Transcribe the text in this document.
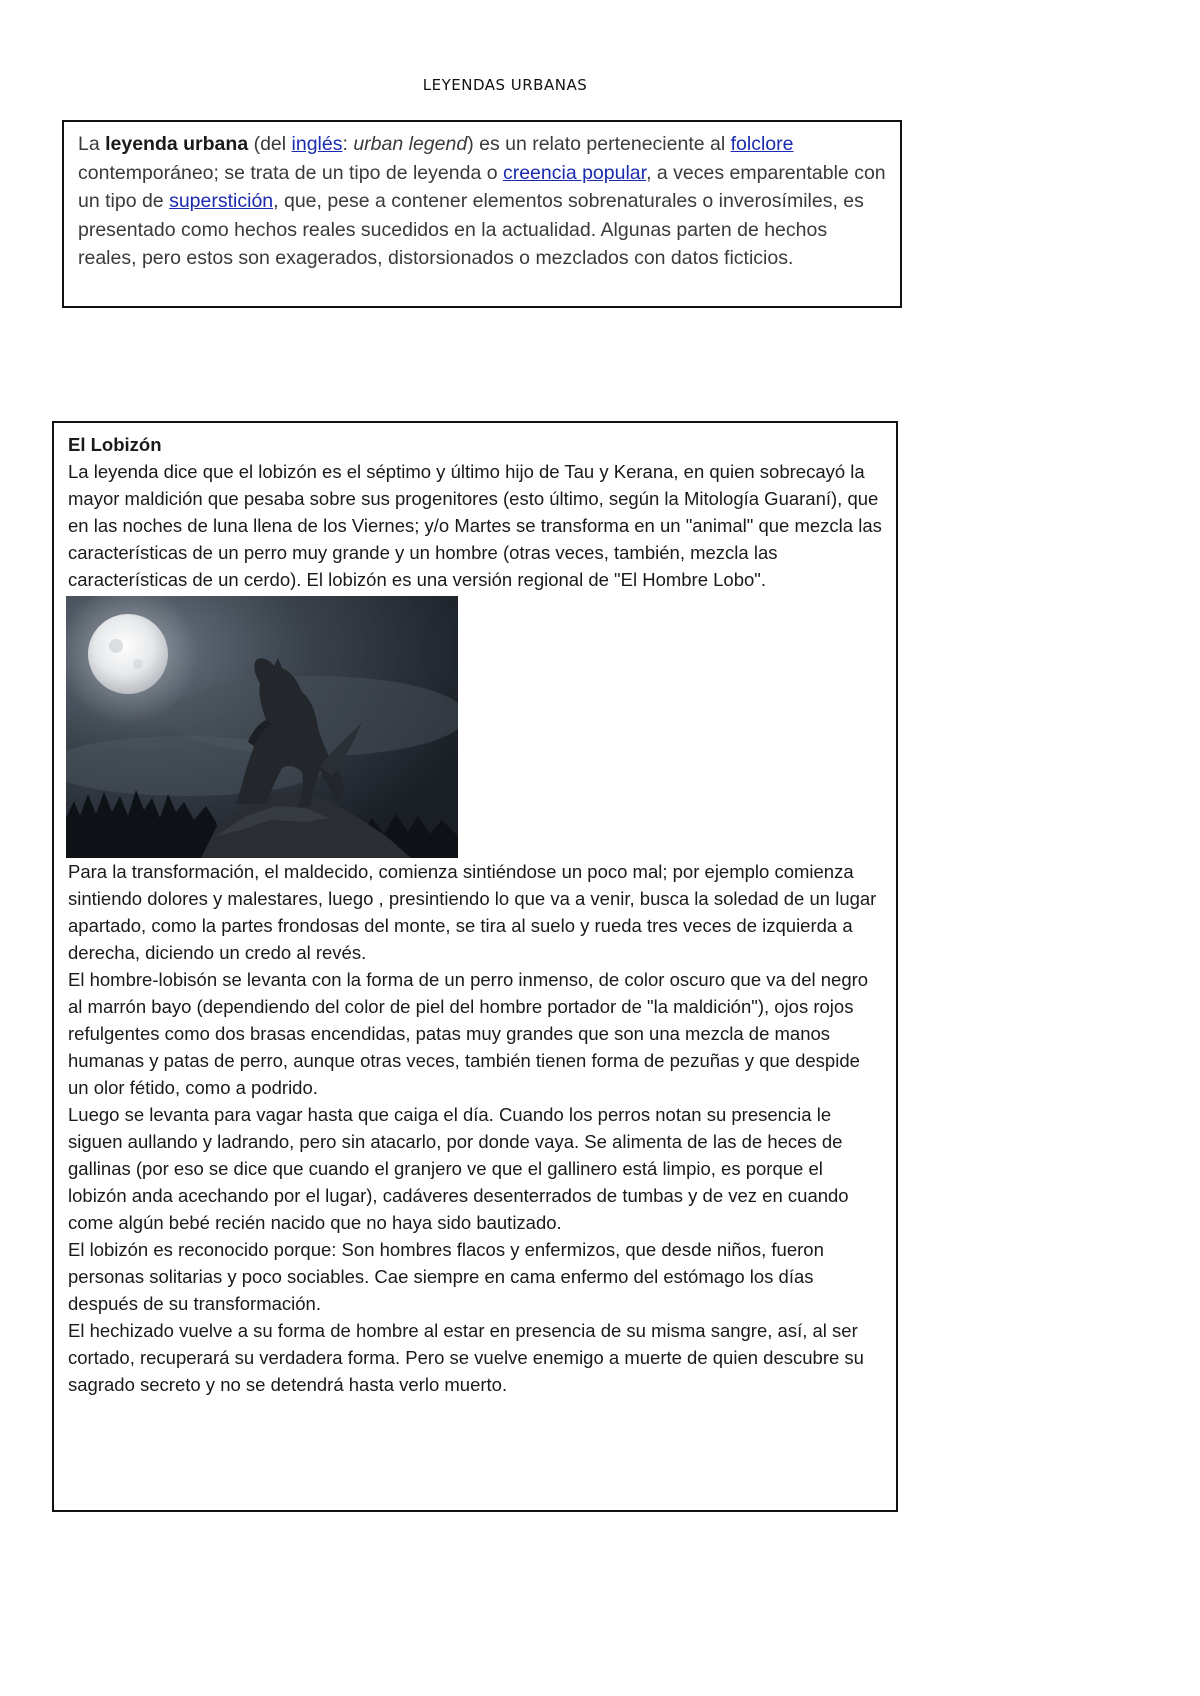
LEYENDAS URBANAS
La leyenda urbana (del inglés: urban legend) es un relato perteneciente al folclore contemporáneo; se trata de un tipo de leyenda o creencia popular, a veces emparentable con un tipo de superstición, que, pese a contener elementos sobrenaturales o inverosímiles, es presentado como hechos reales sucedidos en la actualidad. Algunas parten de hechos reales, pero estos son exagerados, distorsionados o mezclados con datos ficticios.

El Lobizón

La leyenda dice que el lobizón es el séptimo y último hijo de Tau y Kerana, en quien sobrecayó la mayor maldición que pesaba sobre sus progenitores (esto último, según la Mitología Guaraní), que en las noches de luna llena de los Viernes; y/o Martes se transforma en un "animal" que mezcla las características de un perro muy grande y un hombre (otras veces, también, mezcla las características de un cerdo). El lobizón es una versión regional de "El Hombre Lobo".

Para la transformación, el maldecido, comienza sintiéndose un poco mal; por ejemplo comienza sintiendo dolores y malestares, luego , presintiendo lo que va a venir, busca la soledad de un lugar apartado, como la partes frondosas del monte, se tira al suelo y rueda tres veces de izquierda a derecha, diciendo un credo al revés.

El hombre-lobisón se levanta con la forma de un perro inmenso, de color oscuro que va del negro al marrón bayo (dependiendo del color de piel del hombre portador de "la maldición"), ojos rojos refulgentes como dos brasas encendidas, patas muy grandes que son una mezcla de manos humanas y patas de perro, aunque otras veces, también tienen forma de pezuñas y que despide un olor fétido, como a podrido.

Luego se levanta para vagar hasta que caiga el día. Cuando los perros notan su presencia le siguen aullando y ladrando, pero sin atacarlo, por donde vaya. Se alimenta de las de heces de gallinas (por eso se dice que cuando el granjero ve que el gallinero está limpio, es porque el lobizón anda acechando por el lugar), cadáveres desenterrados de tumbas y de vez en cuando come algún bebé recién nacido que no haya sido bautizado.

El lobizón es reconocido porque: Son hombres flacos y enfermizos, que desde niños, fueron personas solitarias y poco sociables. Cae siempre en cama enfermo del estómago los días después de su transformación.

El hechizado vuelve a su forma de hombre al estar en presencia de su misma sangre, así, al ser cortado, recuperará su verdadera forma. Pero se vuelve enemigo a muerte de quien descubre su sagrado secreto y no se detendrá hasta verlo muerto.
